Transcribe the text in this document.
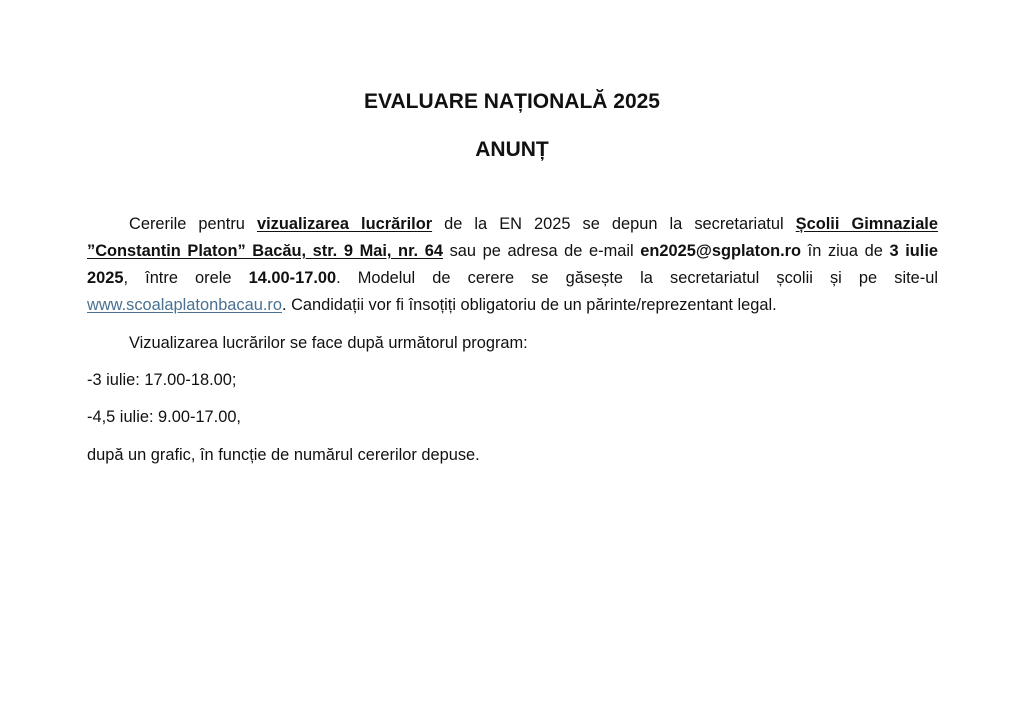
EVALUARE NAȚIONALĂ 2025
ANUNȚ

Cererile pentru vizualizarea lucrărilor de la EN 2025 se depun la secretariatul Școlii Gimnaziale ”Constantin Platon” Bacău, str. 9 Mai, nr. 64 sau pe adresa de e-mail en2025@sgplaton.ro în ziua de 3 iulie 2025, între orele 14.00-17.00. Modelul de cerere se găsește la secretariatul școlii și pe site-ul www.scoalaplatonbacau.ro. Candidații vor fi însoțiți obligatoriu de un părinte/reprezentant legal.

Vizualizarea lucrărilor se face după următorul program:

-3 iulie: 17.00-18.00;
-4,5 iulie: 9.00-17.00,
după un grafic, în funcție de numărul cererilor depuse.
